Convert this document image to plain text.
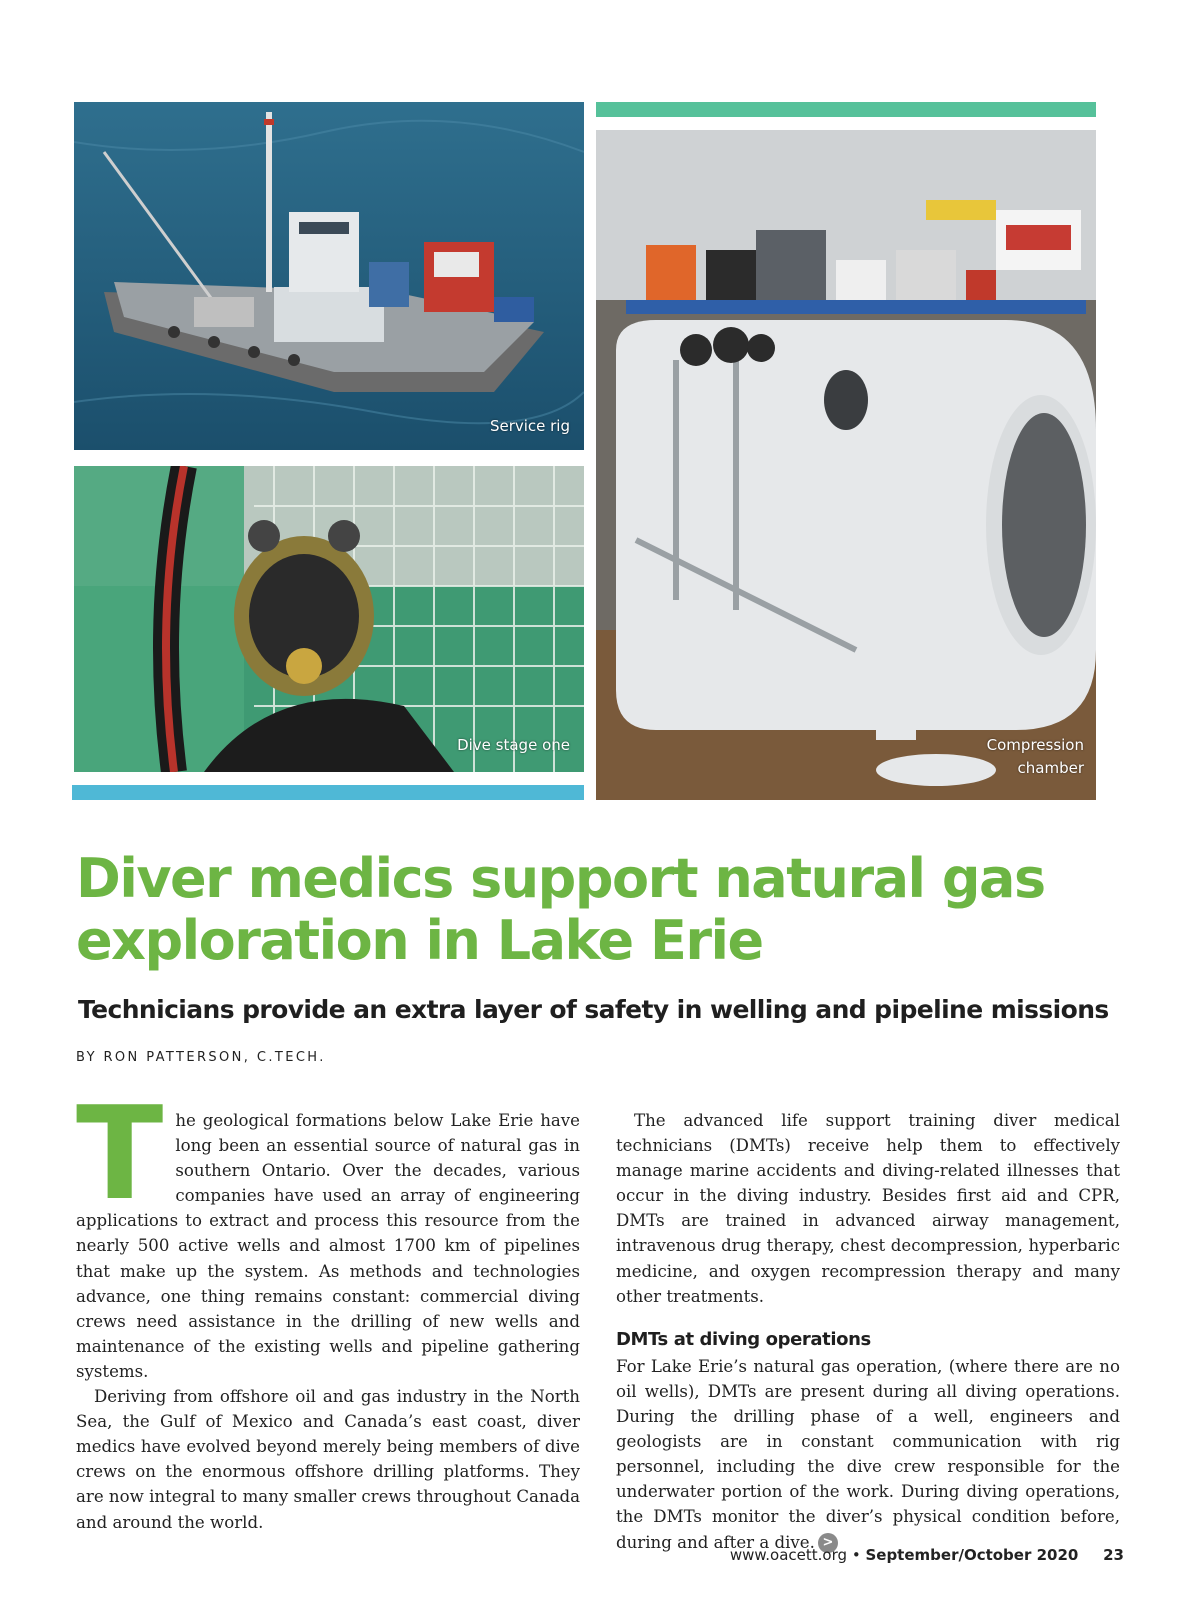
Service rig
Dive stage one	Compression
chamber
Diver medics support natural gas exploration in Lake Erie
Technicians provide an extra layer of safety in welling and pipeline missions
BY RON PATTERSON, C.TECH.

The geological formations below Lake Erie have long been an essential source of natural gas in southern Ontario. Over the decades, various companies have used an array of engineering applications to extract and process this resource from the nearly 500 active wells and almost 1700 km of pipelines that make up the system. As methods and technologies advance, one thing remains constant: commercial diving crews need assistance in the drilling of new wells and maintenance of the existing wells and pipeline gathering systems.

Deriving from offshore oil and gas industry in the North Sea, the Gulf of Mexico and Canada’s east coast, diver medics have evolved beyond merely being members of dive crews on the enormous offshore drilling platforms. They are now integral to many smaller crews throughout Canada and around the world.

The advanced life support training diver medical technicians (DMTs) receive help them to effectively manage marine accidents and diving-related illnesses that occur in the diving industry. Besides first aid and CPR, DMTs are trained in advanced airway management, intravenous drug therapy, chest decompression, hyperbaric medicine, and oxygen recompression therapy and many other treatments.

DMTs at diving operations

For Lake Erie’s natural gas operation, (where there are no oil wells), DMTs are present during all diving operations. During the drilling phase of a well, engineers and geologists are in constant communication with rig personnel, including the dive crew responsible for the underwater portion of the work. During diving operations, the DMTs monitor the diver’s physical condition before, during and after a dive. >

www.oacett.org • September/October 2020 23
